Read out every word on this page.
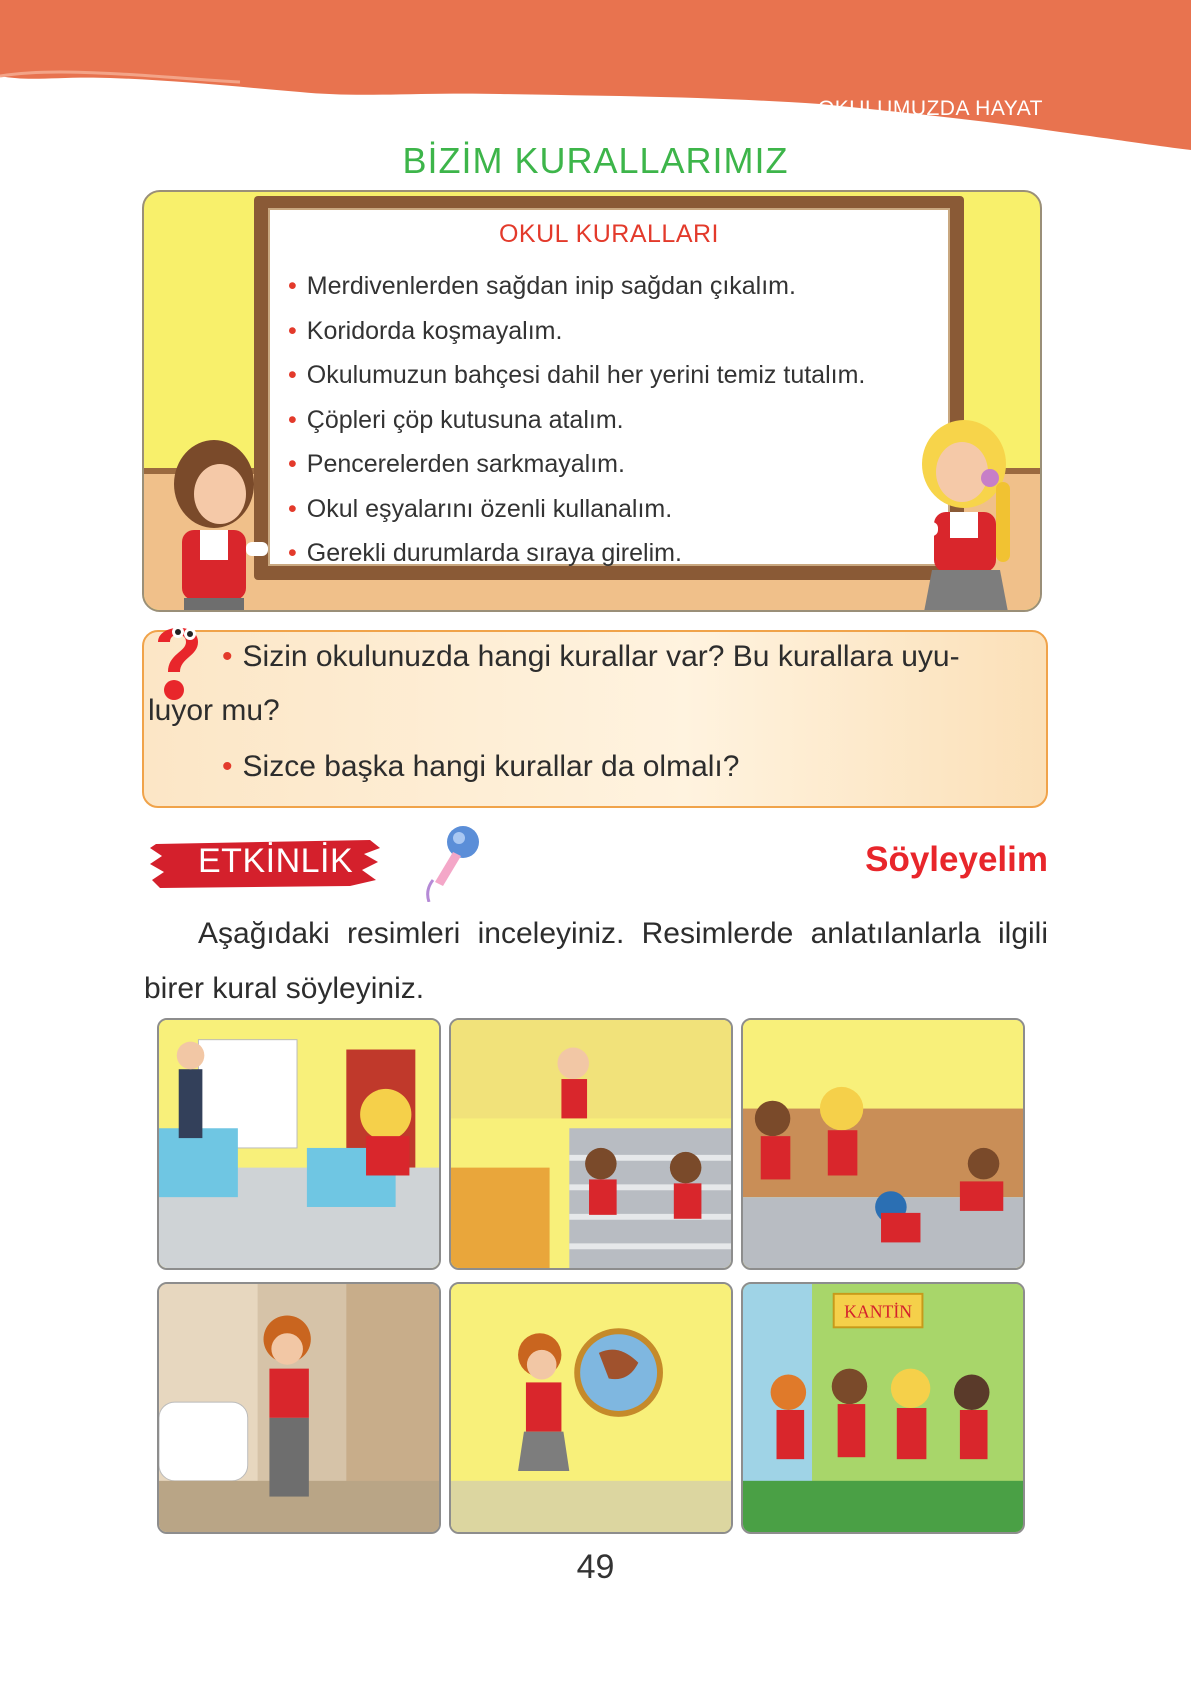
OKULUMUZDA HAYAT
BİZİM KURALLARIMIZ
OKUL KURALLARI
• Merdivenlerden sağdan inip sağdan çıkalım.
• Koridorda koşmayalım.
• Okulumuzun bahçesi dahil her yerini temiz tutalım.
• Çöpleri çöp kutusuna atalım.
• Pencerelerden sarkmayalım.
• Okul eşyalarını özenli kullanalım.
• Gerekli durumlarda sıraya girelim.
• Sizin okulunuzda hangi kurallar var? Bu kurallara uyu-
luyor mu?
• Sizce başka hangi kurallar da olmalı?
ETKİNLİK	Söyleyelim
Aşağıdaki resimleri inceleyiniz. Resimlerde anlatılanlarla ilgili birer kural söyleyiniz.
KANTİN
49
